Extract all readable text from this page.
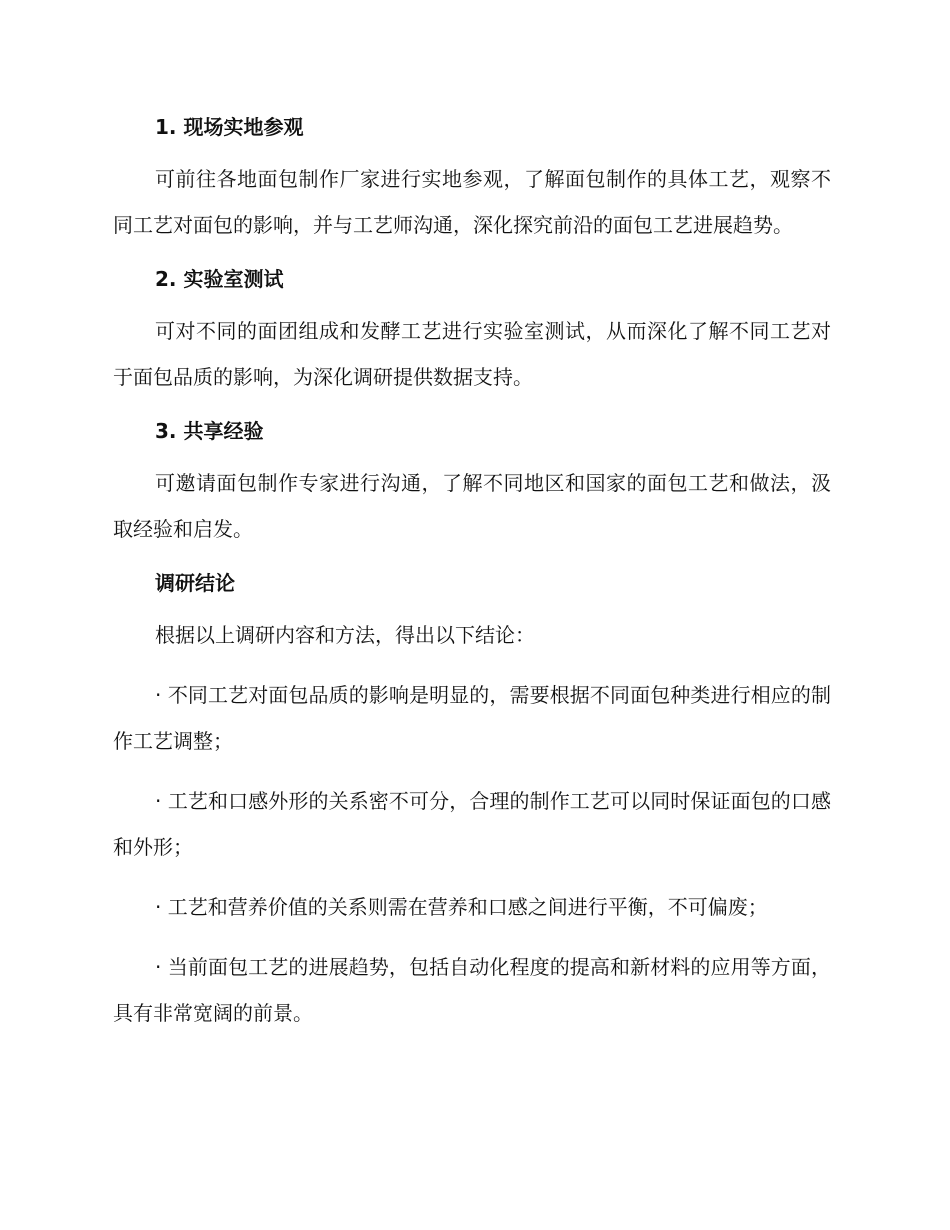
1. 现场实地参观

可前往各地面包制作厂家进行实地参观，了解面包制作的具体工艺，观察不同工艺对面包的影响，并与工艺师沟通，深化探究前沿的面包工艺进展趋势。

2. 实验室测试

可对不同的面团组成和发酵工艺进行实验室测试，从而深化了解不同工艺对于面包品质的影响，为深化调研提供数据支持。

3. 共享经验

可邀请面包制作专家进行沟通，了解不同地区和国家的面包工艺和做法，汲取经验和启发。

调研结论

根据以上调研内容和方法，得出以下结论：

· 不同工艺对面包品质的影响是明显的，需要根据不同面包种类进行相应的制作工艺调整；

· 工艺和口感外形的关系密不可分，合理的制作工艺可以同时保证面包的口感和外形；

· 工艺和营养价值的关系则需在营养和口感之间进行平衡，不可偏废；

· 当前面包工艺的进展趋势，包括自动化程度的提高和新材料的应用等方面，具有非常宽阔的前景。
